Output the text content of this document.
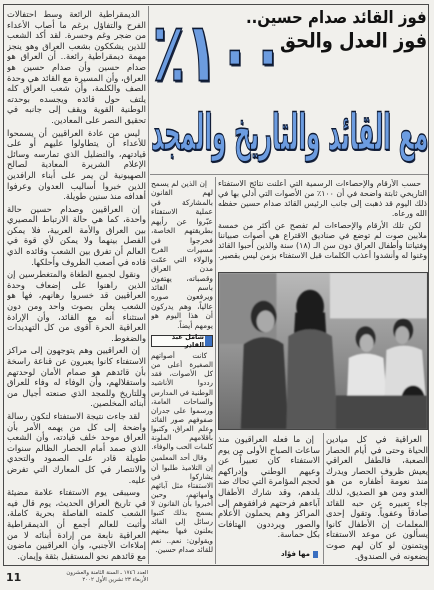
الديمقراطية الرائعة وسط احتفالات الفرح والتفاؤل برغم ما أصاب الأعداء من ضجر وغم وحسرة. لقد أكد الشعب للذين يشككون بشعب العراق وهو ينجز مهمة ديمقراطية رائعة.. أن العراق هو صدام حسين وأن صدام حسين هو العراق، وأن المسيرة مع القائد هي وحدة الصف والكلمة، وأن شعب العراق كله يلتف حول قائده ويجسده بوحدته الوطنية القوية ويقف إلى جانبه في تحقيق النصر على المعادين.

ليس من عادة العراقيين أن يسمحوا للأعداء أن يتطاولوا عليهم أو على قيادتهم، والتضليل الذي تمارسه وسائل الإعلام الشريرة المعادية لصالح الصهيونية لن يمر على أبناء الرافدين الذين خبروا أساليب العدوان وعرفوا أهدافه منذ سنين طويلة.

إن العراقيين وصدام حسين حالة واحدة، كما هي حالة الارتباط المصيري بين العراق والأمة العربية، فلا يمكن الفصل بينهما ولا يمكن لأي قوة في العالم أن تفرق بين الشعب وقائده الذي قاده في أصعب الظروف وأحلكها.

ونقول لجميع الطغاة والمتغطرسين إن الذين راهنوا على إضعاف وحدة العراقيين قد خسروا رهانهم، فها هو الشعب يعلن بصوت واحد ومن دون استثناء أنه مع القائد، وأن الإرادة العراقية الحرة أقوى من كل التهديدات والضغوط.

إن العراقيين وهم يتوجهون إلى مراكز الاستفتاء كانوا يعبرون عن قناعة راسخة بأن قائدهم هو صمام الأمان لوحدتهم واستقلالهم، وأن الوفاء له وفاء للعراق وللتاريخ وللمجد الذي صنعته أجيال من أبنائه المخلصين.

لقد جاءت نتيجة الاستفتاء لتكون رسالة واضحة إلى كل من يهمه الأمر بأن العراق موحد خلف قيادته، وأن الشعب الذي صمد أمام الحصار الظالم سنوات طويلة قادر على الصمود والتحدي والانتصار في كل المعارك التي تفرض عليه.

وسيبقى يوم الاستفتاء علامة مضيئة في تاريخ العراق الحديث، يوم قال فيه الشعب كلمته الفاصلة بحرية كاملة، وأثبت للعالم أجمع أن الديمقراطية العراقية نابعة من إرادة أبنائه لا من إملاءات الأجنبي، وأن العراقيين ماضون مع قائدهم نحو المستقبل بثقة وإيمان.

فوز القائد صدام حسين..
فوز العدل والحق
١٠٠٪
مع القائد والتاريخ والمجد

حسب الأرقام والإحصاءات الرسمية التي أعلنت نتائج الاستفتاء التاريخي ثابتة واضحة في أن ١٠٠٪ من الأصوات التي أدلي بها في ذلك اليوم قد ذهبت إلى جانب الرئيس القائد صدام حسين حفظه الله ورعاه.

لكن تلك الأرقام والإحصاءات لم تفصح عن أكثر من خمسة ملايين صوت لم توضع في صناديق الاقتراع هي أصوات صبياننا وفتياتنا وأطفال العراق دون سن الـ (١٨) سنة والذين أحبوا القائد وغنوا له وأنشدوا أعذب الكلمات قبل الاستفتاء بزمن ليس بقصير.

إن الذين لم يسمح لهم القانون بالمشاركة في عملية الاستفتاء عبّروا عن رأيهم بطريقتهم الخاصة، فخرجوا في مسيرات الفرح والولاء التي عمّت مدن العراق وقصباته، يهتفون باسم القائد ويرفعون صوره عالياً، وهم يدركون أن هذا اليوم هو يومهم أيضاً.

شامل عبد القادر

كانت أصواتهم الصغيرة أعلى من كل الأصوات، فقد رددوا الأناشيد الوطنية في المدارس والساحات العامة، ورسموا على جدران صفوفهم صور القائد وعلم العراق، وكتبوا بأقلامهم الملونة كلمات الحب والوفاء.

وقال أحد المعلمين إن التلاميذ طلبوا أن يشاركوا في الاستفتاء مثل آبائهم وأمهاتهم، وحين أُخبروا بأن القانون لا يسمح بذلك كتبوا رسائل إلى القائد يعلنون فيها بيعتهم ويقولون: نعم.. نعم للقائد صدام حسين.

العراقية في كل ميادين الحياة وحتى في أيام الحصار الصعبة، فالطفل العراقي يعيش ظروف الحصار ويدرك منذ نعومة أظفاره من هو العدو ومن هو الصديق، لذلك جاء تعبيره عن حبه للقائد صادقاً وعفوياً. وتقول إحدى المعلمات إن الأطفال كانوا يسألون عن موعد الاستفتاء ويتمنون لو كان لهم صوت يضعونه في الصندوق.

إن ما فعله العراقيون منذ ساعات الصباح الأولى من يوم الاستفتاء كان تعبيراً عن وعيهم الوطني وإدراكهم لحجم المؤامرة التي تحاك ضد بلدهم، وقد شارك الأطفال آباءهم فرحتهم فرافقوهم إلى المراكز وهم يحملون الأعلام والصور ويرددون الهتافات بكل حماسة.

مها فؤاد
11	العدد ١٧٤٦ ـ السنة الثامنة والعشرون
الأربعاء ٢٣ تشرين الأول ٢٠٠٢
